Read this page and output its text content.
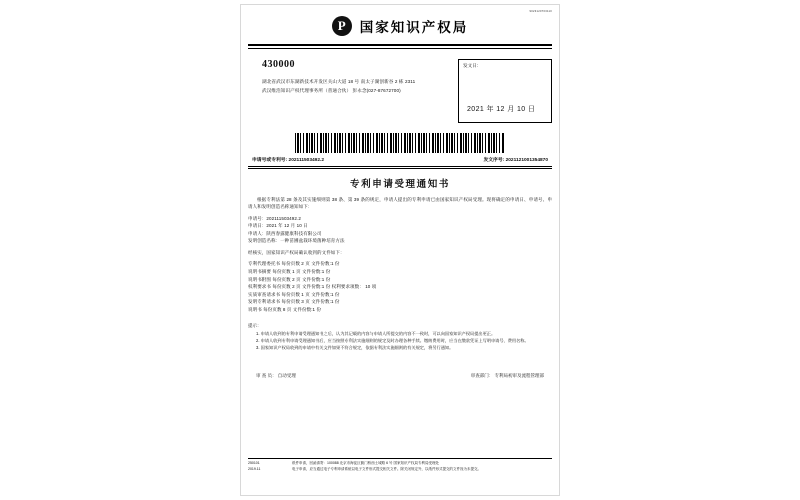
9023120703110
P	国家知识产权局
430000
湖北省武汉市东湖新技术开发区关山大道 18 号 南太子湖创新谷 2 栋 2311
武汉维浩知识产权代理事务所（普通合伙） 彭永念(027-87672700)
发文日:
2021 年 12 月 10 日
申请号或专利号: 202111503492.2	发文序号: 2021121001354870
专利申请受理通知书

根据专利法第 28 条及其实施细则第 38 条、第 39 条的规定，申请人提出的专利申请已由国家知识产权局受理。现将确定的申请日、申请号、申请人和发明创造名称通知如下：

申请号：202111503492.2
申请日：2021 年 12 月 10 日
申请人：陕西春露健康科技有限公司
发明创造名称：一种苗圃盆栽环境菌种培育方法
经核实，国家知识产权局确认收到的文件如下：
专利代理委托书 每份页数 2 页 文件份数:1 份
说明书摘要 每份页数 1 页 文件份数:1 份
说明书附图 每份页数 2 页 文件份数:1 份
权利要求书 每份页数 2 页 文件份数:1 份 权利要求项数： 10 项
实质审查请求书 每份页数 1 页 文件份数:1 份
发明专利请求书 每份页数 3 页 文件份数:1 份
说明书 每份页数 8 页 文件份数:1 份
提示：

1. 申请人收到的专利申请受理通知书之后，认为其记载的内容与申请人所提交的内容不一致时，可以向国家知识产权局提出更正。

2. 申请人收到专利申请受理通知书后，应当按照专利法实施细则的规定及时办理各种手续。缴纳费用时，应当在缴款凭证上写明申请号、费用名称。

3. 国家知识产权局收到的申请中有关文件如果不符合规定，依据专利法实施细则的有关规定，将另行通知。

审 查 员： 自动受理	审查部门： 专利局初审及流程管理部
250101
2019.11
纸件申请，回函请寄：100088 北京市海淀区蓟门桥西土城路 6 号 国家知识产权局专利局受理处
电子申请，应当通过电子专利申请系统以电子文件形式提交相关文件。除关闭规定外，以纸件形式提交的文件视为未提交。
